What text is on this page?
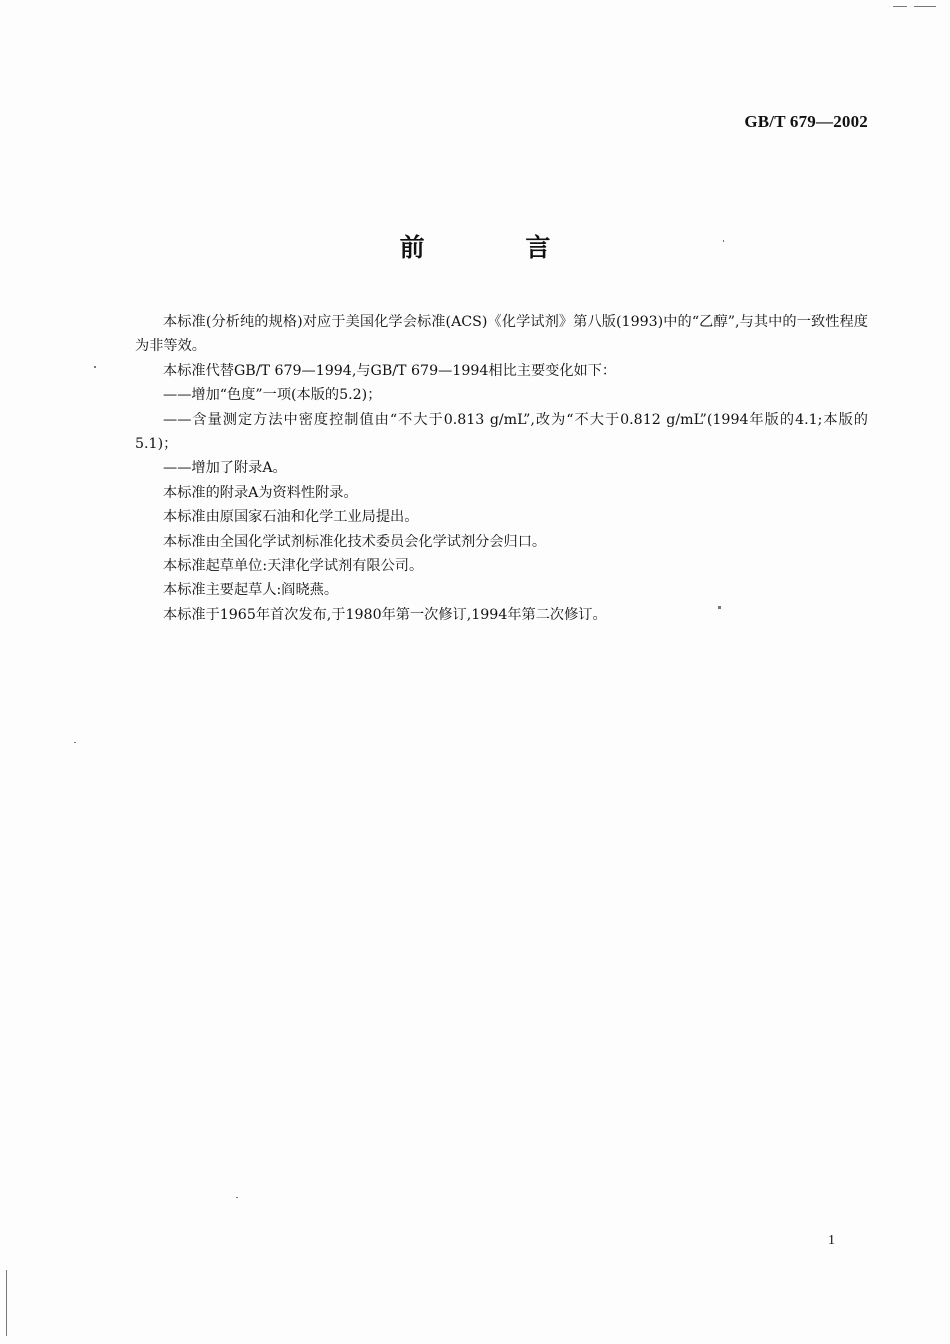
GB/T 679—2002
前 言

本标准(分析纯的规格)对应于美国化学会标准(ACS)《化学试剂》第八版(1993)中的“乙醇”,与其中的一致性程度为非等效。

本标准代替GB/T 679—1994,与GB/T 679—1994相比主要变化如下：

——增加“色度”一项(本版的5.2)；

——含量测定方法中密度控制值由“不大于0.813 g/mL”,改为“不大于0.812 g/mL”(1994年版的4.1;本版的5.1)；

——增加了附录A。

本标准的附录A为资料性附录。

本标准由原国家石油和化学工业局提出。

本标准由全国化学试剂标准化技术委员会化学试剂分会归口。

本标准起草单位:天津化学试剂有限公司。

本标准主要起草人:阎晓燕。

本标准于1965年首次发布,于1980年第一次修订,1994年第二次修订。

1
